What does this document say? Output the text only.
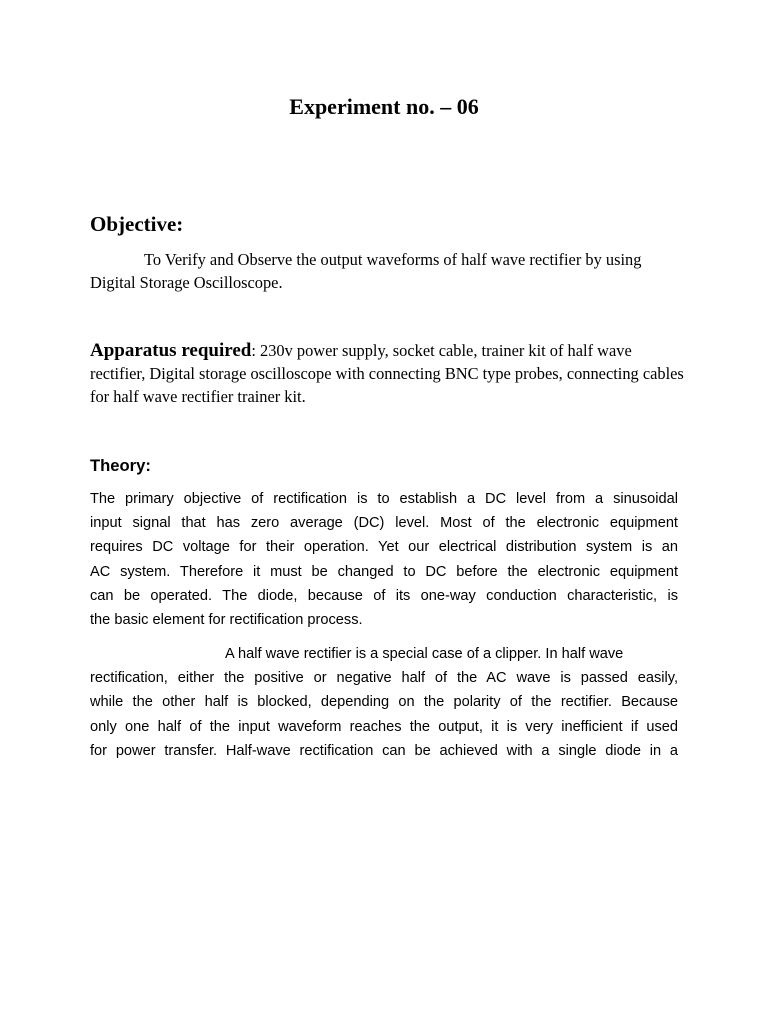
Experiment no. – 06
Objective:
To Verify and Observe the output waveforms of half wave rectifier by using Digital Storage Oscilloscope.
Apparatus required: 230v power supply, socket cable, trainer kit of half wave rectifier, Digital storage oscilloscope with connecting BNC type probes, connecting cables for half wave rectifier trainer kit.
Theory:
The primary objective of rectification is to establish a DC level from a sinusoidal
input signal that has zero average (DC) level. Most of the electronic equipment
requires DC voltage for their operation. Yet our electrical distribution system is an
AC system. Therefore it must be changed to DC before the electronic equipment
can be operated. The diode, because of its one-way conduction characteristic, is
the basic element for rectification process.
A half wave rectifier is a special case of a clipper. In half wave
rectification, either the positive or negative half of the AC wave is passed easily,
while the other half is blocked, depending on the polarity of the rectifier. Because
only one half of the input waveform reaches the output, it is very inefficient if used
for power transfer. Half-wave rectification can be achieved with a single diode in a
